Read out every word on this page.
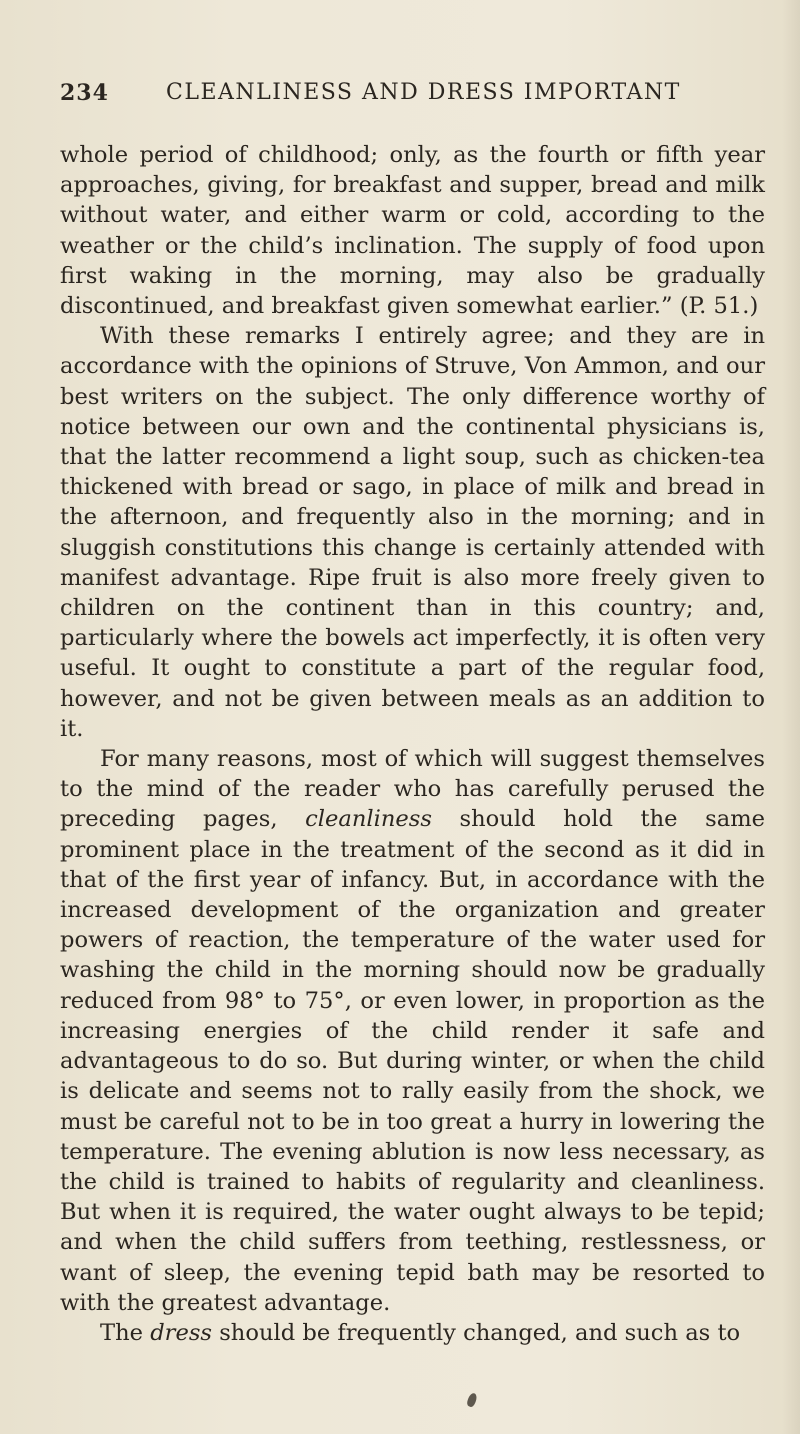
234	CLEANLINESS AND DRESS IMPORTANT

whole period of childhood; only, as the fourth or fifth year approaches, giving, for breakfast and supper, bread and milk without water, and either warm or cold, according to the weather or the child’s inclination. The supply of food upon first waking in the morning, may also be gradually discontinued, and breakfast given somewhat earlier.” (P. 51.)

With these remarks I entirely agree; and they are in accordance with the opinions of Struve, Von Ammon, and our best writers on the subject. The only difference worthy of notice between our own and the continental physicians is, that the latter recommend a light soup, such as chicken-tea thickened with bread or sago, in place of milk and bread in the afternoon, and frequently also in the morning; and in sluggish constitutions this change is certainly attended with manifest advantage. Ripe fruit is also more freely given to children on the continent than in this country; and, particularly where the bowels act imperfectly, it is often very useful. It ought to constitute a part of the regular food, however, and not be given between meals as an addition to it.

For many reasons, most of which will suggest themselves to the mind of the reader who has carefully perused the preceding pages, cleanliness should hold the same prominent place in the treatment of the second as it did in that of the first year of infancy. But, in accordance with the increased development of the organization and greater powers of reaction, the temperature of the water used for washing the child in the morning should now be gradually reduced from 98° to 75°, or even lower, in proportion as the increasing energies of the child render it safe and advantageous to do so. But during winter, or when the child is delicate and seems not to rally easily from the shock, we must be careful not to be in too great a hurry in lowering the temperature. The evening ablution is now less necessary, as the child is trained to habits of regularity and cleanliness. But when it is required, the water ought always to be tepid; and when the child suffers from teething, restlessness, or want of sleep, the evening tepid bath may be resorted to with the greatest advantage.

The dress should be frequently changed, and such as to
